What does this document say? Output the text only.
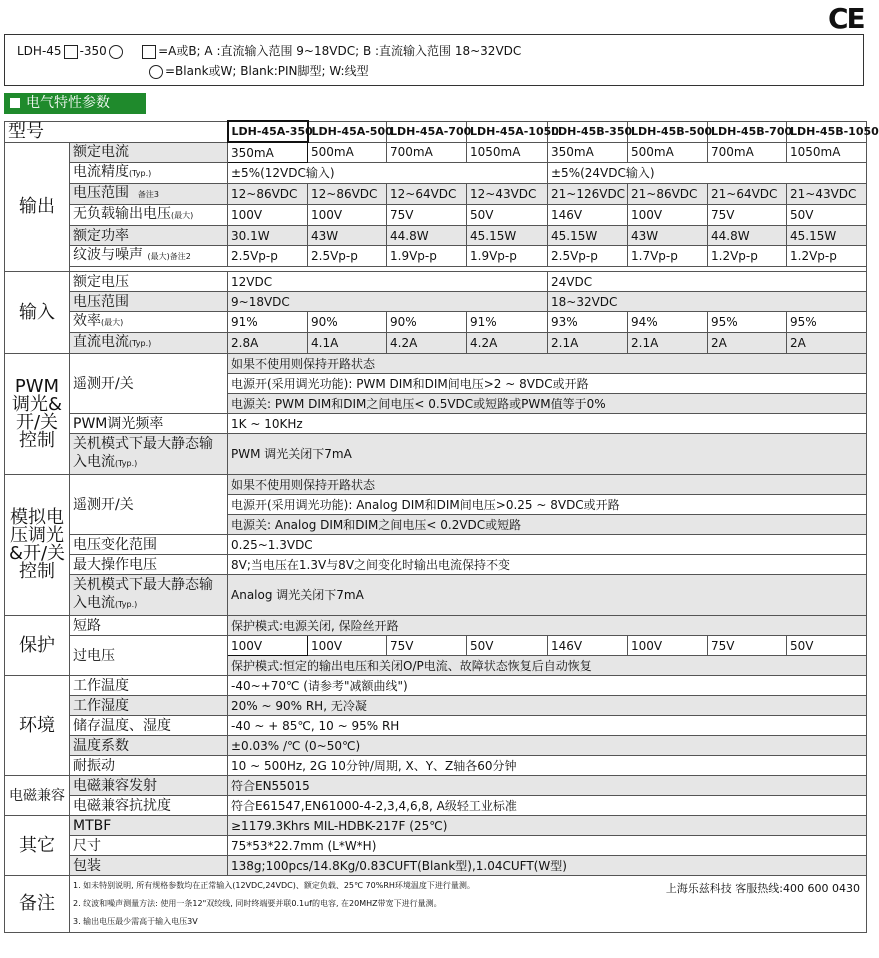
CE
LDH-45 -350	=A或B; A :直流输入范围 9~18VDC; B :直流输入范围 18~32VDC
=Blank或W; Blank:PIN脚型; W:线型
电气特性参数
型号		LDH-45A-350	LDH-45A-500	LDH-45A-700	LDH-45A-1050	LDH-45B-350	LDH-45B-500	LDH-45B-700	LDH-45B-1050
输出	额定电流	350mA	500mA	700mA	1050mA	350mA	500mA	700mA	1050mA
	电流精度(Typ.)	±5%(12VDC输入)				±5%(24VDC输入)			
	电压范围 备注3	12~86VDC	12~86VDC	12~64VDC	12~43VDC	21~126VDC	21~86VDC	21~64VDC	21~43VDC
	无负载输出电压(最大)	100V	100V	75V	50V	146V	100V	75V	50V
	额定功率	30.1W	43W	44.8W	45.15W	45.15W	43W	44.8W	45.15W
	纹波与噪声 (最大)备注2	2.5Vp-p	2.5Vp-p	1.9Vp-p	1.9Vp-p	2.5Vp-p	1.7Vp-p	1.2Vp-p	1.2Vp-p

输入	额定电压	12VDC				24VDC			
	电压范围	9~18VDC				18~32VDC			
	效率(最大)	91%	90%	90%	91%	93%	94%	95%	95%
	直流电流(Typ.)	2.8A	4.1A	4.2A	4.2A	2.1A	2.1A	2A	2A
PWM调光&开/关控制	遥测开/关	如果不使用则保持开路状态							
		电源开(采用调光功能): PWM DIM和DIM间电压>2 ~ 8VDC或开路							
		电源关: PWM DIM和DIM之间电压< 0.5VDC或短路或PWM值等于0%							
	PWM调光频率	1K ~ 10KHz							
	关机模式下最大静态输入电流(Typ.)	PWM 调光关闭下7mA							
模拟电压调光&开/关控制	遥测开/关	如果不使用则保持开路状态							
		电源开(采用调光功能): Analog DIM和DIM间电压>0.25 ~ 8VDC或开路							
		电源关: Analog DIM和DIM之间电压< 0.2VDC或短路							
	电压变化范围	0.25~1.3VDC							
	最大操作电压	8V;当电压在1.3V与8V之间变化时输出电流保持不变							
	关机模式下最大静态输入电流(Typ.)	Analog 调光关闭下7mA							
保护	短路	保护模式:电源关闭, 保险丝开路							
	过电压	100V	100V	75V	50V	146V	100V	75V	50V
		保护模式:恒定的输出电压和关闭O/P电流、故障状态恢复后自动恢复							
环境	工作温度	-40~+70℃ (请参考"减额曲线")							
	工作湿度	20% ~ 90% RH, 无冷凝							
	储存温度、湿度	-40 ~ + 85℃, 10 ~ 95% RH							
	温度系数	±0.03% /℃ (0~50℃)							
	耐振动	10 ~ 500Hz, 2G 10分钟/周期, X、Y、Z轴各60分钟							
电磁兼容	电磁兼容发射	符合EN55015							
	电磁兼容抗扰度	符合E61547,EN61000-4-2,3,4,6,8, A级轻工业标准							
其它	MTBF	≥1179.3Khrs MIL-HDBK-217F (25℃)							
	尺寸	75*53*22.7mm (L*W*H)							
	包装	138g;100pcs/14.8Kg/0.83CUFT(Blank型),1.04CUFT(W型)							
备注	1. 如未特别说明, 所有规格参数均在正常输入(12VDC,24VDC)、额定负载、25℃ 70%RH环境温度下进行量测。
2. 纹波和噪声测量方法: 使用一条12"双绞线, 同时终端要并联0.1uf的电容, 在20MHZ带宽下进行量测。
3. 输出电压最少需高于输入电压3V
上海乐兹科技 客服热线:400 600 0430								
